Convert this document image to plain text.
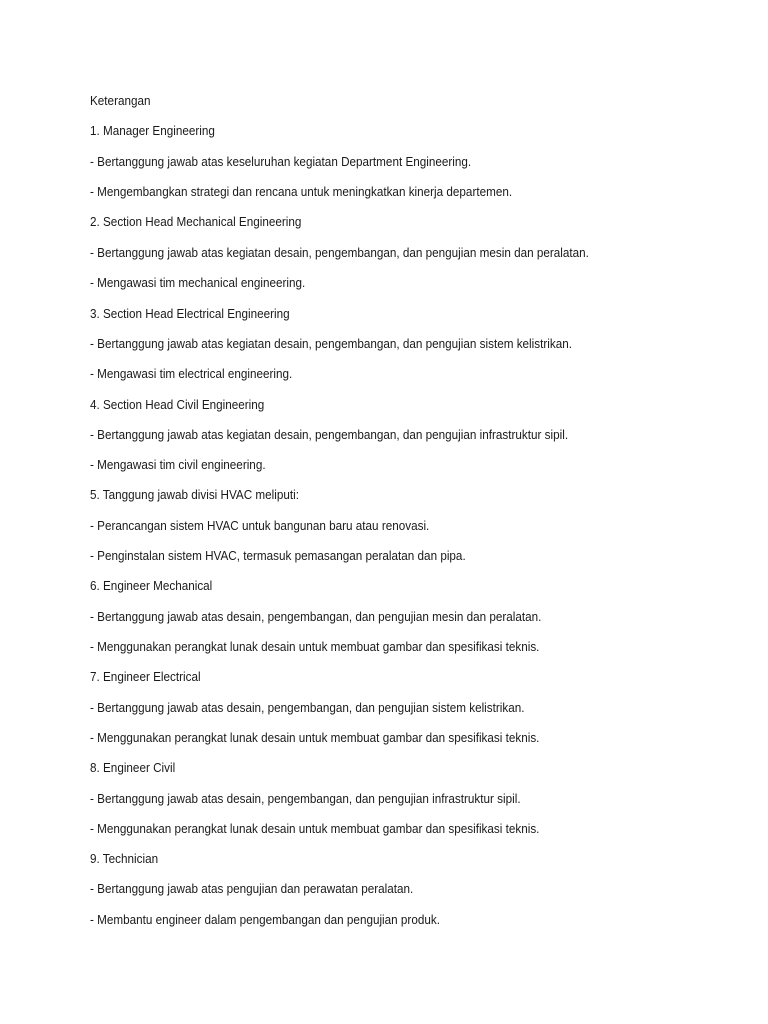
Keterangan

1. Manager Engineering

- Bertanggung jawab atas keseluruhan kegiatan Department Engineering.

- Mengembangkan strategi dan rencana untuk meningkatkan kinerja departemen.

2. Section Head Mechanical Engineering

- Bertanggung jawab atas kegiatan desain, pengembangan, dan pengujian mesin dan peralatan.

- Mengawasi tim mechanical engineering.

3. Section Head Electrical Engineering

- Bertanggung jawab atas kegiatan desain, pengembangan, dan pengujian sistem kelistrikan.

- Mengawasi tim electrical engineering.

4. Section Head Civil Engineering

- Bertanggung jawab atas kegiatan desain, pengembangan, dan pengujian infrastruktur sipil.

- Mengawasi tim civil engineering.

5. Tanggung jawab divisi HVAC meliputi:

- Perancangan sistem HVAC untuk bangunan baru atau renovasi.

- Penginstalan sistem HVAC, termasuk pemasangan peralatan dan pipa.

6. Engineer Mechanical

- Bertanggung jawab atas desain, pengembangan, dan pengujian mesin dan peralatan.

- Menggunakan perangkat lunak desain untuk membuat gambar dan spesifikasi teknis.

7. Engineer Electrical

- Bertanggung jawab atas desain, pengembangan, dan pengujian sistem kelistrikan.

- Menggunakan perangkat lunak desain untuk membuat gambar dan spesifikasi teknis.

8. Engineer Civil

- Bertanggung jawab atas desain, pengembangan, dan pengujian infrastruktur sipil.

- Menggunakan perangkat lunak desain untuk membuat gambar dan spesifikasi teknis.

9. Technician

- Bertanggung jawab atas pengujian dan perawatan peralatan.

- Membantu engineer dalam pengembangan dan pengujian produk.
